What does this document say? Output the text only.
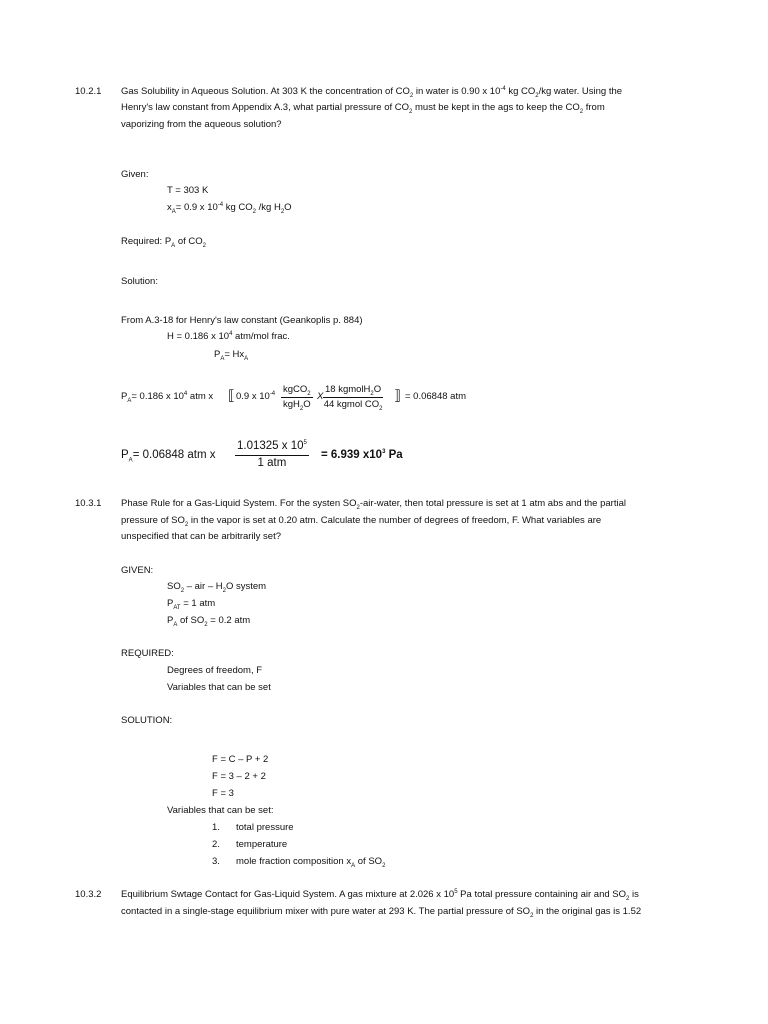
10.2.1 Gas Solubility in Aqueous Solution. At 303 K the concentration of $CO_2$ in water is 0.90 x $10^{-4}$ kg $CO_2/kg$ water. Using the
Henry's law constant from Appendix A.3, what partial pressure of $CO_2$ must be kept in the ags to keep the $CO_2$ from
vaporizing from the aqueous solution?
Given:
T = 303 K
$x_A= 0.9$ x $10^{-4}$ kg $CO_2$ /kg $H_2O$
Required: $P_A$ of $CO_2$
Solution:
From A.3-18 for Henry's law constant (Geankoplis p. 884)
H = 0.186 x $10^4$ atm/mol frac.
$P_A= Hx_A$
$P_A= 0.186$ x $10^4$ atm x ⟦ 0.9 x $10^{-4}$ kgCO$_2$
kgH$_2$O
X
18 kgmolH$_2$O
44 kgmol $CO_2$
⟧ = 0.06848 atm
$P_A= 0.06848$ atm x
1.01325 x $10^5$
1 atm
= 6.939 $x10^3$ Pa
10.3.1 Phase Rule for a Gas-Liquid System. For the systen $SO_2-air$-water, then total pressure is set at 1 atm abs and the partial
pressure of $SO_2$ in the vapor is set at 0.20 atm. Calculate the number of degrees of freedom, F. What variables are
unspecified that can be arbitrarily set?
GIVEN:
$SO_2$ – air – $H_2O$ system
$P_{AT} = 1$ atm
$P_A$ of $SO_2 = 0.2$ atm
REQUIRED:
Degrees of freedom, F
Variables that can be set
SOLUTION:
F = C – P + 2
F = 3 – 2 + 2
F = 3
Variables that can be set:
1. total pressure
2. temperature
3. mole fraction composition $x_A$ of $SO_2$
10.3.2 Equilibrium Swtage Contact for Gas-Liquid System. A gas mixture at 2.026 x $10^5$ Pa total pressure containing air and $SO_2$ is
contacted in a single-stage equilibrium mixer with pure water at 293 K. The partial pressure of $SO_2$ in the original gas is 1.52
